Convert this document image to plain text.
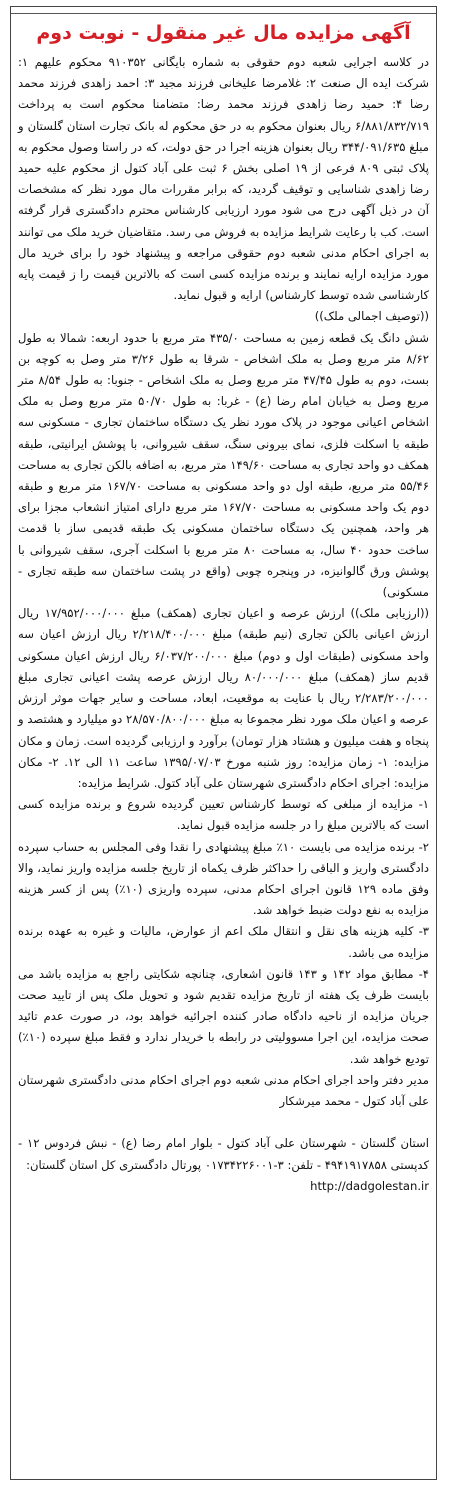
آگهی مزایده مال غیر منقول - نوبت دوم

در کلاسه اجرایی شعبه دوم حقوقی به شماره بایگانی ۹۱۰۳۵۲ محکوم علیهم ۱: شرکت ایده ال صنعت ۲: غلامرضا علیخانی فرزند مجید ۳: احمد زاهدی فرزند محمد رضا ۴: حمید رضا زاهدی فرزند محمد رضا: متضامنا محکوم است به پرداخت ۶/۸۸۱/۸۳۲/۷۱۹ ریال بعنوان محکوم به در حق محکوم له بانک تجارت استان گلستان و مبلغ ۳۴۴/۰۹۱/۶۳۵ ریال بعنوان هزینه اجرا در حق دولت، که در راستا وصول محکوم به پلاک ثبتی ۸۰۹ فرعی از ۱۹ اصلی بخش ۶ ثبت علی آباد کتول از محکوم علیه حمید رضا زاهدی شناسایی و توقیف گردید، که برابر مقررات مال مورد نظر که مشخصات آن در ذیل آگهی درج می شود مورد ارزیابی کارشناس محترم دادگستری قرار گرفته است. کب با رعایت شرایط مزایده به فروش می رسد. متقاضیان خرید ملک می توانند به اجرای احکام مدنی شعبه دوم حقوقی مراجعه و پیشنهاد خود را برای خرید مال مورد مزایده ارایه نمایند و برنده مزایده کسی است که بالاترین قیمت را ز قیمت پایه کارشناسی شده توسط کارشناس) ارایه و قبول نماید.

((توصیف اجمالی ملک))

شش دانگ یک قطعه زمین به مساحت ۴۳۵/۰ متر مربع با حدود اربعه: شمالا به طول ۸/۶۲ متر مربع وصل به ملک اشخاص - شرقا به طول ۳/۲۶ متر وصل به کوچه بن بست، دوم به طول ۴۷/۴۵ متر مربع وصل به ملک اشخاص - جنوبا: به طول ۸/۵۴ متر مربع وصل به خیابان امام رضا (ع) - غربا: به طول ۵۰/۷۰ متر مربع وصل به ملک اشخاص اعیانی موجود در پلاک مورد نظر یک دستگاه ساختمان تجاری - مسکونی سه طبقه با اسکلت فلزی، نمای بیرونی سنگ، سقف شیروانی، با پوشش ایرانیتی، طبقه همکف دو واحد تجاری به مساحت ۱۴۹/۶۰ متر مربع، به اضافه بالکن تجاری به مساحت ۵۵/۴۶ متر مربع، طبقه اول دو واحد مسکونی به مساحت ۱۶۷/۷۰ متر مربع و طبقه دوم یک واحد مسکونی به مساحت ۱۶۷/۷۰ متر مربع دارای امتیاز انشعاب مجزا برای هر واحد، همچنین یک دستگاه ساختمان مسکونی یک طبقه قدیمی ساز با قدمت ساخت حدود ۴۰ سال، به مساحت ۸۰ متر مربع با اسکلت آجری، سقف شیروانی با پوشش ورق گالوانیزه، در وپنجره چوبی (واقع در پشت ساختمان سه طبقه تجاری - مسکونی)

((ارزیابی ملک)) ارزش عرصه و اعیان تجاری (همکف) مبلغ ۱۷/۹۵۲/۰۰۰/۰۰۰ ریال ارزش اعیانی بالکن تجاری (نیم طبقه) مبلغ ۲/۲۱۸/۴۰۰/۰۰۰ ریال ارزش اعیان سه واحد مسکونی (طبقات اول و دوم) مبلغ ۶/۰۳۷/۲۰۰/۰۰۰ ریال ارزش اعیان مسکونی قدیم ساز (همکف) مبلغ ۸۰/۰۰۰/۰۰۰ ریال ارزش عرصه پشت اعیانی تجاری مبلغ ۲/۲۸۳/۲۰۰/۰۰۰ ریال با عنایت به موقعیت، ابعاد، مساحت و سایر جهات موثر ارزش عرصه و اعیان ملک مورد نظر مجموعا به مبلغ ۲۸/۵۷۰/۸۰۰/۰۰۰ دو میلیارد و هشتصد و پنجاه و هفت میلیون و هشتاد هزار تومان) برآورد و ارزیابی گردیده است. زمان و مکان مزایده: ۱- زمان مزایده: روز شنبه مورخ ۱۳۹۵/۰۷/۰۳ ساعت ۱۱ الی ۱۲. ۲- مکان مزایده: اجرای احکام دادگستری شهرستان علی آباد کتول. شرایط مزایده:

۱- مزایده از مبلغی که توسط کارشناس تعیین گردیده شروع و برنده مزایده کسی است که بالاترین مبلغ را در جلسه مزایده قبول نماید.

۲- برنده مزایده می بایست ۱۰٪ مبلغ پیشنهادی را نقدا وفی المجلس به حساب سپرده دادگستری واریز و الباقی را حداکثر ظرف یکماه از تاریخ جلسه مزایده واریز نماید، والا وفق ماده ۱۲۹ قانون اجرای احکام مدنی، سپرده واریزی (۱۰٪) پس از کسر هزینه مزایده به نفع دولت ضبط خواهد شد.

۳- کلیه هزینه های نقل و انتقال ملک اعم از عوارض، مالیات و غیره به عهده برنده مزایده می باشد.

۴- مطابق مواد ۱۴۲ و ۱۴۳ قانون اشعاری، چنانچه شکایتی راجع به مزایده باشد می بایست ظرف یک هفته از تاریخ مزایده تقدیم شود و تحویل ملک پس از تایید صحت جریان مزایده از ناحیه دادگاه صادر کننده اجرائیه خواهد بود، در صورت عدم تائید صحت مزایده، این اجرا مسوولیتی در رابطه با خریدار ندارد و فقط مبلغ سپرده (۱۰٪) تودیع خواهد شد.

مدیر دفتر واحد اجرای احکام مدنی شعبه دوم اجرای احکام مدنی دادگستری شهرستان علی آباد کتول - محمد میرشکار

استان گلستان - شهرستان علی آباد کتول - بلوار امام رضا (ع) - نبش فردوس ۱۲ - کدپستی ۴۹۴۱۹۱۷۸۵۸ - تلفن: ۳-۰۱۷۳۴۲۲۶۰۰۱ پورتال دادگستری کل استان گلستان:
http://dadgolestan.ir
